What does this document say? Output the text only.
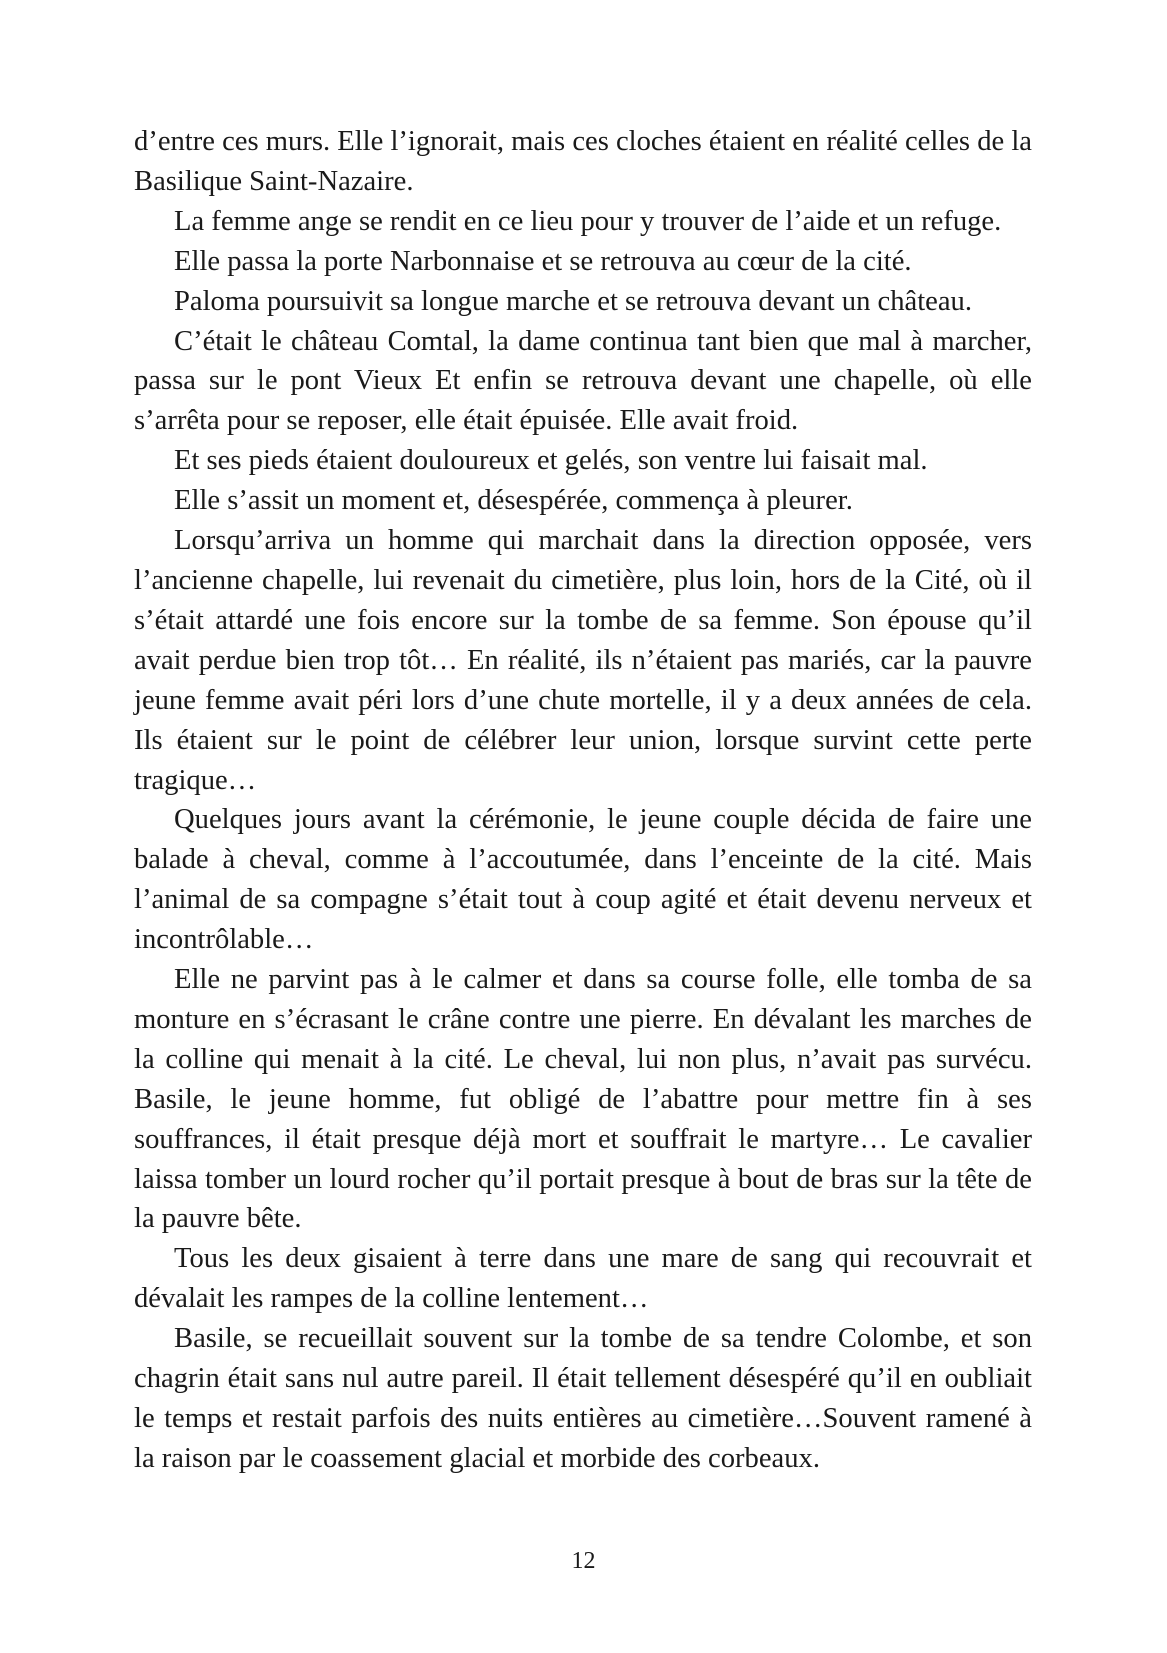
d’entre ces murs. Elle l’ignorait, mais ces cloches étaient en réalité celles de la Basilique Saint-Nazaire.

La femme ange se rendit en ce lieu pour y trouver de l’aide et un refuge.

Elle passa la porte Narbonnaise et se retrouva au cœur de la cité.

Paloma poursuivit sa longue marche et se retrouva devant un château.

C’était le château Comtal, la dame continua tant bien que mal à marcher, passa sur le pont Vieux Et enfin se retrouva devant une chapelle, où elle s’arrêta pour se reposer, elle était épuisée. Elle avait froid.

Et ses pieds étaient douloureux et gelés, son ventre lui faisait mal.

Elle s’assit un moment et, désespérée, commença à pleurer.

Lorsqu’arriva un homme qui marchait dans la direction opposée, vers l’ancienne chapelle, lui revenait du cimetière, plus loin, hors de la Cité, où il s’était attardé une fois encore sur la tombe de sa femme. Son épouse qu’il avait perdue bien trop tôt… En réalité, ils n’étaient pas mariés, car la pauvre jeune femme avait péri lors d’une chute mortelle, il y a deux années de cela. Ils étaient sur le point de célébrer leur union, lorsque survint cette perte tragique…

Quelques jours avant la cérémonie, le jeune couple décida de faire une balade à cheval, comme à l’accoutumée, dans l’enceinte de la cité. Mais l’animal de sa compagne s’était tout à coup agité et était devenu nerveux et incontrôlable…

Elle ne parvint pas à le calmer et dans sa course folle, elle tomba de sa monture en s’écrasant le crâne contre une pierre. En dévalant les marches de la colline qui menait à la cité. Le cheval, lui non plus, n’avait pas survécu. Basile, le jeune homme, fut obligé de l’abattre pour mettre fin à ses souffrances, il était presque déjà mort et souffrait le martyre… Le cavalier laissa tomber un lourd rocher qu’il portait presque à bout de bras sur la tête de la pauvre bête.

Tous les deux gisaient à terre dans une mare de sang qui recouvrait et dévalait les rampes de la colline lentement…

Basile, se recueillait souvent sur la tombe de sa tendre Colombe, et son chagrin était sans nul autre pareil. Il était tellement désespéré qu’il en oubliait le temps et restait parfois des nuits entières au cimetière…Souvent ramené à la raison par le coassement glacial et morbide des corbeaux.

12
